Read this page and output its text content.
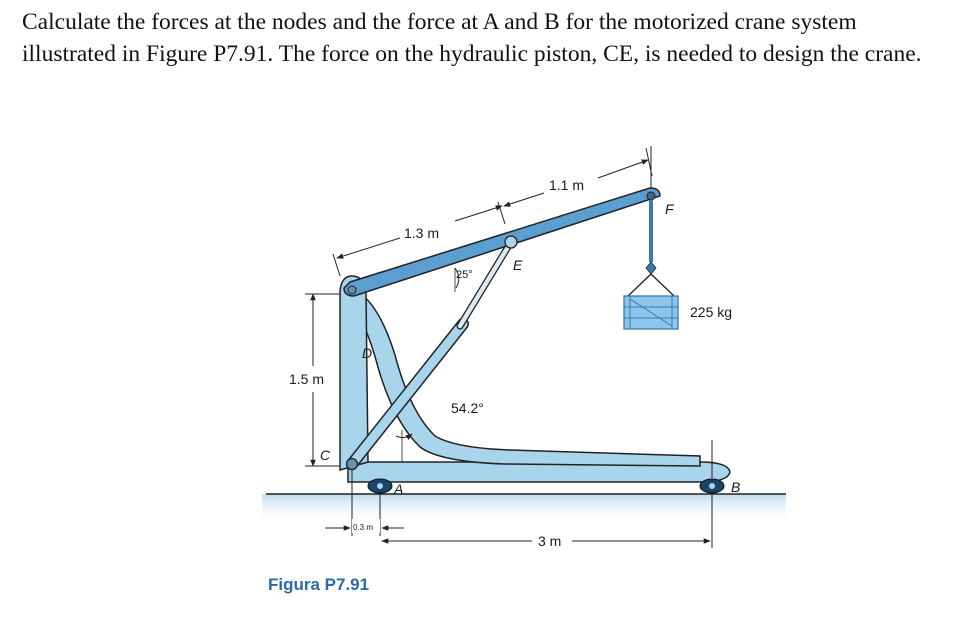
Calculate the forces at the nodes and the force at A and B for the motorized crane system illustrated in Figure P7.91. The force on the hydraulic piston, CE, is needed to design the crane.

1.5 m
1.3 m
1.1 m
25°
54.2°
0.3 m
3 m
A	B
C
D
E
F
225 kg
Figura P7.91
